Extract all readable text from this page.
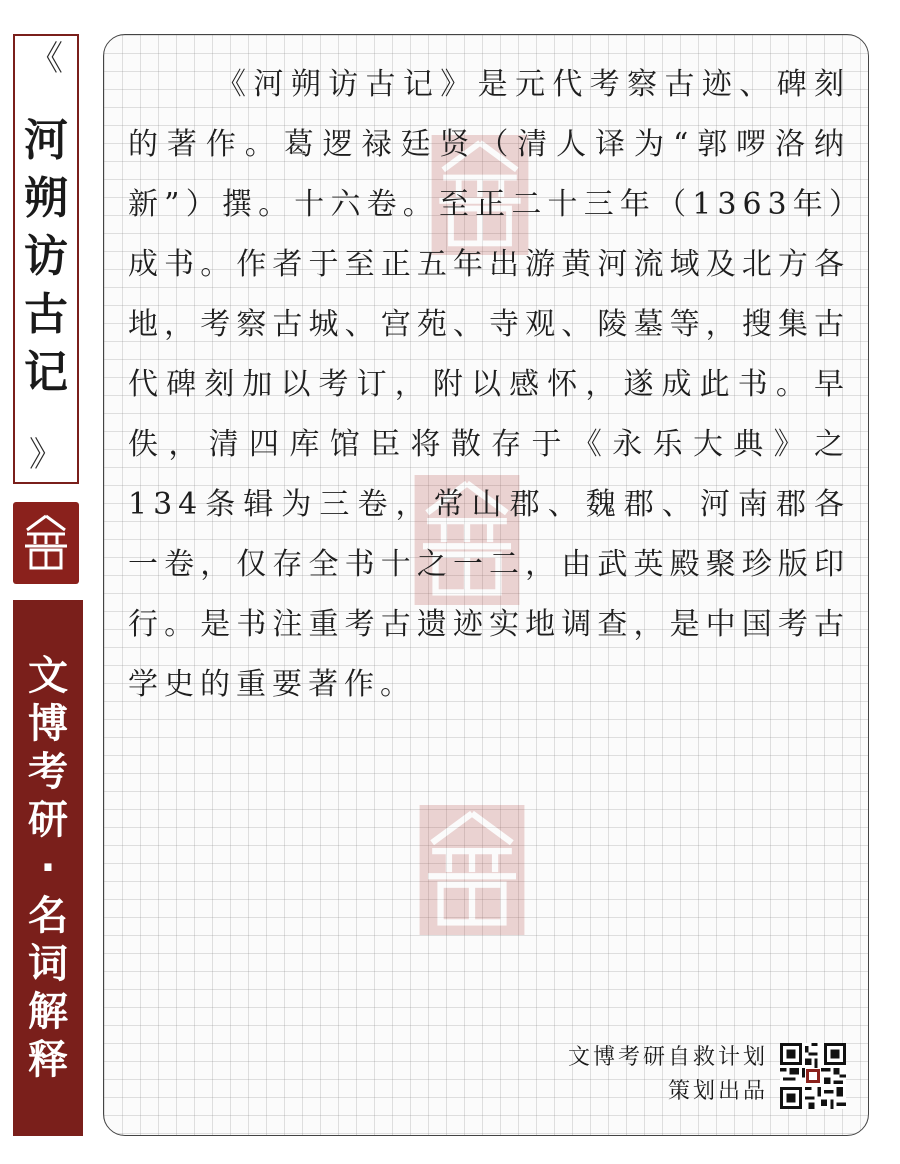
《
河
朔
访
古
记
》
文
博
考
研
·
名
词
解
释
《河朔访古记》是元代考察古迹、碑刻的著作。葛逻禄廷贤（清人译为“郭啰洛纳新”）撰。十六卷。至正二十三年（1363年）成书。作者于至正五年出游黄河流域及北方各地，考察古城、宫苑、寺观、陵墓等，搜集古代碑刻加以考订，附以感怀，遂成此书。早佚，清四库馆臣将散存于《永乐大典》之134条辑为三卷，常山郡、魏郡、河南郡各一卷，仅存全书十之一二，由武英殿聚珍版印行。是书注重考古遗迹实地调查，是中国考古学史的重要著作。
文博考研自救计划
策划出品
